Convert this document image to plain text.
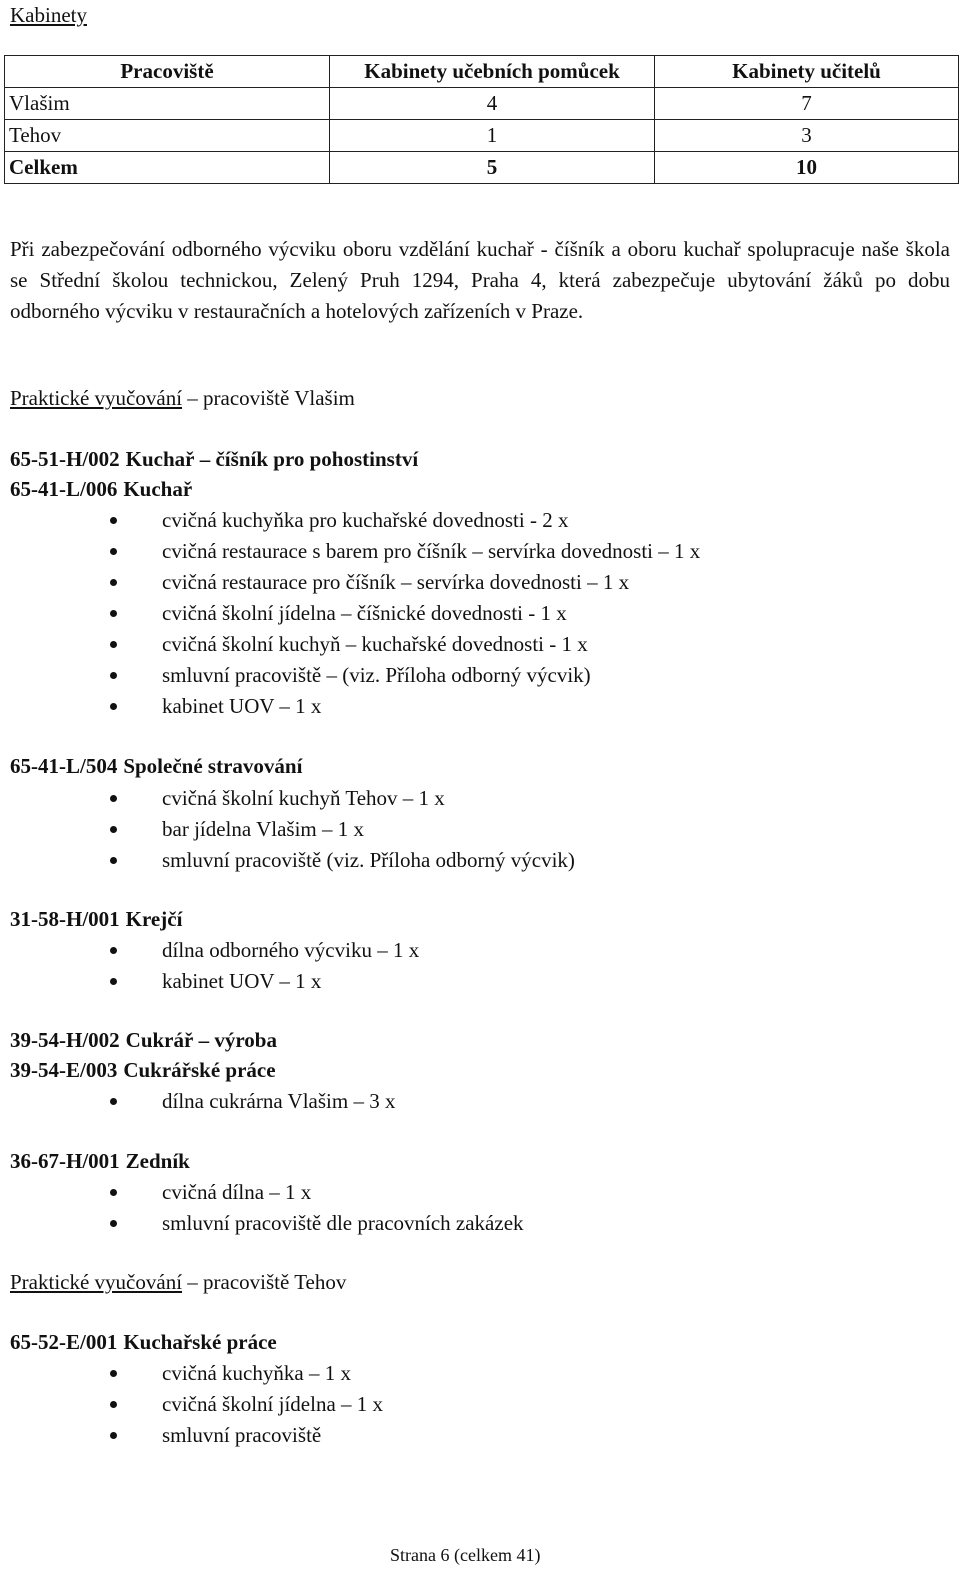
Kabinety
Pracoviště	Kabinety učebních pomůcek	Kabinety učitelů
Vlašim	4	7
Tehov	1	3
Celkem	5	10
Při zabezpečování odborného výcviku oboru vzdělání kuchař - číšník a oboru kuchař spolupracuje naše škola se Střední školou technickou, Zelený Pruh 1294, Praha 4, která zabezpečuje ubytování žáků po dobu odborného výcviku v restauračních a hotelových zařízeních v Praze.
Praktické vyučování – pracoviště Vlašim
65-51-H/002 Kuchař – číšník pro pohostinství
65-41-L/006 Kuchař
cvičná kuchyňka pro kuchařské dovednosti - 2 x
cvičná restaurace s barem pro číšník – servírka dovednosti – 1 x
cvičná restaurace pro číšník – servírka dovednosti – 1 x
cvičná školní jídelna – číšnické dovednosti - 1 x
cvičná školní kuchyň – kuchařské dovednosti - 1 x
smluvní pracoviště – (viz. Příloha odborný výcvik)
kabinet UOV – 1 x
65-41-L/504 Společné stravování
cvičná školní kuchyň Tehov – 1 x
bar jídelna Vlašim – 1 x
smluvní pracoviště (viz. Příloha odborný výcvik)
31-58-H/001 Krejčí
dílna odborného výcviku – 1 x
kabinet UOV – 1 x
39-54-H/002 Cukrář – výroba
39-54-E/003 Cukrářské práce
dílna cukrárna Vlašim – 3 x
36-67-H/001 Zedník
cvičná dílna – 1 x
smluvní pracoviště dle pracovních zakázek
Praktické vyučování – pracoviště Tehov
65-52-E/001 Kuchařské práce
cvičná kuchyňka – 1 x
cvičná školní jídelna – 1 x
smluvní pracoviště
Strana 6 (celkem 41)
